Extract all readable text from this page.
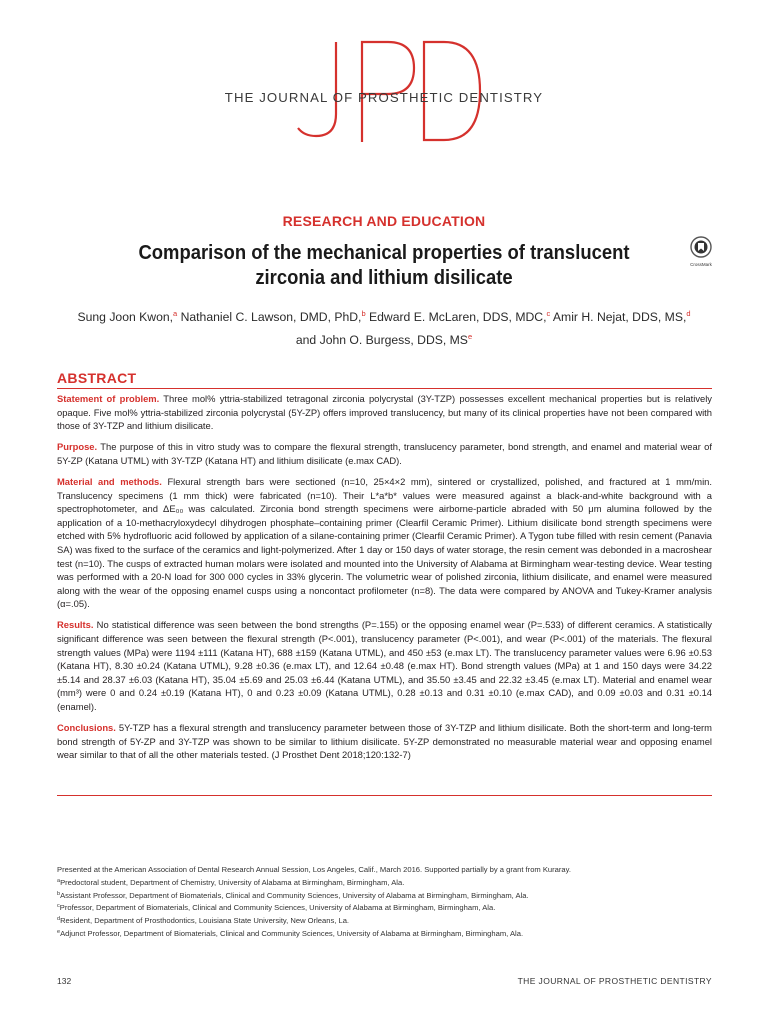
THE JOURNAL OF PROSTHETIC DENTISTRY
RESEARCH AND EDUCATION
Comparison of the mechanical properties of translucent
zirconia and lithium disilicate
CrossMark
Sung Joon Kwon,$^a$ Nathaniel C. Lawson, DMD, PhD,$^b$ Edward E. McLaren, DDS, MDC,$^c$ Amir H. Nejat, DDS, MS,$^d$
and John O. Burgess, DDS, $MS^e$
ABSTRACT

Statement of problem. Three mol% yttria-stabilized tetragonal zirconia polycrystal (3Y-TZP) possesses excellent mechanical properties but is relatively opaque. Five mol% yttria-stabilized zirconia polycrystal (5Y-ZP) offers improved translucency, but many of its clinical properties have not been compared with those of 3Y-TZP and lithium disilicate.

Purpose. The purpose of this in vitro study was to compare the flexural strength, translucency parameter, bond strength, and enamel and material wear of 5Y-ZP (Katana UTML) with 3Y-TZP (Katana HT) and lithium disilicate (e.max CAD).

Material and methods. Flexural strength bars were sectioned (n=10, 25×4×2 mm), sintered or crystallized, polished, and fractured at 1 mm/min. Translucency specimens (1 mm thick) were fabricated (n=10). Their L*a*b* values were measured against a black-and-white background with a spectrophotometer, and ΔE₀₀ was calculated. Zirconia bond strength specimens were airborne-particle abraded with 50 μm alumina followed by the application of a 10-methacryloxydecyl dihydrogen phosphate–containing primer (Clearfil Ceramic Primer). Lithium disilicate bond strength specimens were etched with 5% hydrofluoric acid followed by application of a silane-containing primer (Clearfil Ceramic Primer). A Tygon tube filled with resin cement (Panavia SA) was fixed to the surface of the ceramics and light-polymerized. After 1 day or 150 days of water storage, the resin cement was debonded in a macroshear test (n=10). The cusps of extracted human molars were isolated and mounted into the University of Alabama at Birmingham wear-testing device. Wear testing was performed with a 20-N load for 300 000 cycles in 33% glycerin. The volumetric wear of polished zirconia, lithium disilicate, and enamel were measured along with the wear of the opposing enamel cusps using a noncontact profilometer (n=8). The data were compared by ANOVA and Tukey-Kramer analysis (α=.05).

Results. No statistical difference was seen between the bond strengths (P=.155) or the opposing enamel wear (P=.533) of different ceramics. A statistically significant difference was seen between the flexural strength (P<.001), translucency parameter (P<.001), and wear (P<.001) of the materials. The flexural strength values (MPa) were 1194 ±111 (Katana HT), 688 ±159 (Katana UTML), and 450 ±53 (e.max LT). The translucency parameter values were 6.96 ±0.53 (Katana HT), 8.30 ±0.24 (Katana UTML), 9.28 ±0.36 (e.max LT), and 12.64 ±0.48 (e.max HT). Bond strength values (MPa) at 1 and 150 days were 34.22 ±5.14 and 28.37 ±6.03 (Katana HT), 35.04 ±5.69 and 25.03 ±6.44 (Katana UTML), and 35.50 ±3.45 and 22.32 ±3.45 (e.max LT). Material and enamel wear (mm³) were 0 and 0.24 ±0.19 (Katana HT), 0 and 0.23 ±0.09 (Katana UTML), 0.28 ±0.13 and 0.31 ±0.10 (e.max CAD), and 0.09 ±0.03 and 0.31 ±0.14 (enamel).

Conclusions. 5Y-TZP has a flexural strength and translucency parameter between those of 3Y-TZP and lithium disilicate. Both the short-term and long-term bond strength of 5Y-ZP and 3Y-TZP was shown to be similar to lithium disilicate. 5Y-ZP demonstrated no measurable material wear and opposing enamel wear similar to that of all the other materials tested. (J Prosthet Dent 2018;120:132-7)

Presented at the American Association of Dental Research Annual Session, Los Angeles, Calif., March 2016. Supported partially by a grant from Kuraray.
$^a$Predoctoral student, Department of Chemistry, University of Alabama at Birmingham, Birmingham, Ala.
$^b$Assistant Professor, Department of Biomaterials, Clinical and Community Sciences, University of Alabama at Birmingham, Birmingham, Ala.
$^c$Professor, Department of Biomaterials, Clinical and Community Sciences, University of Alabama at Birmingham, Birmingham, Ala.
$^d$Resident, Department of Prosthodontics, Louisiana State University, New Orleans, La.
$^e$Adjunct Professor, Department of Biomaterials, Clinical and Community Sciences, University of Alabama at Birmingham, Birmingham, Ala.
132	THE JOURNAL OF PROSTHETIC DENTISTRY
